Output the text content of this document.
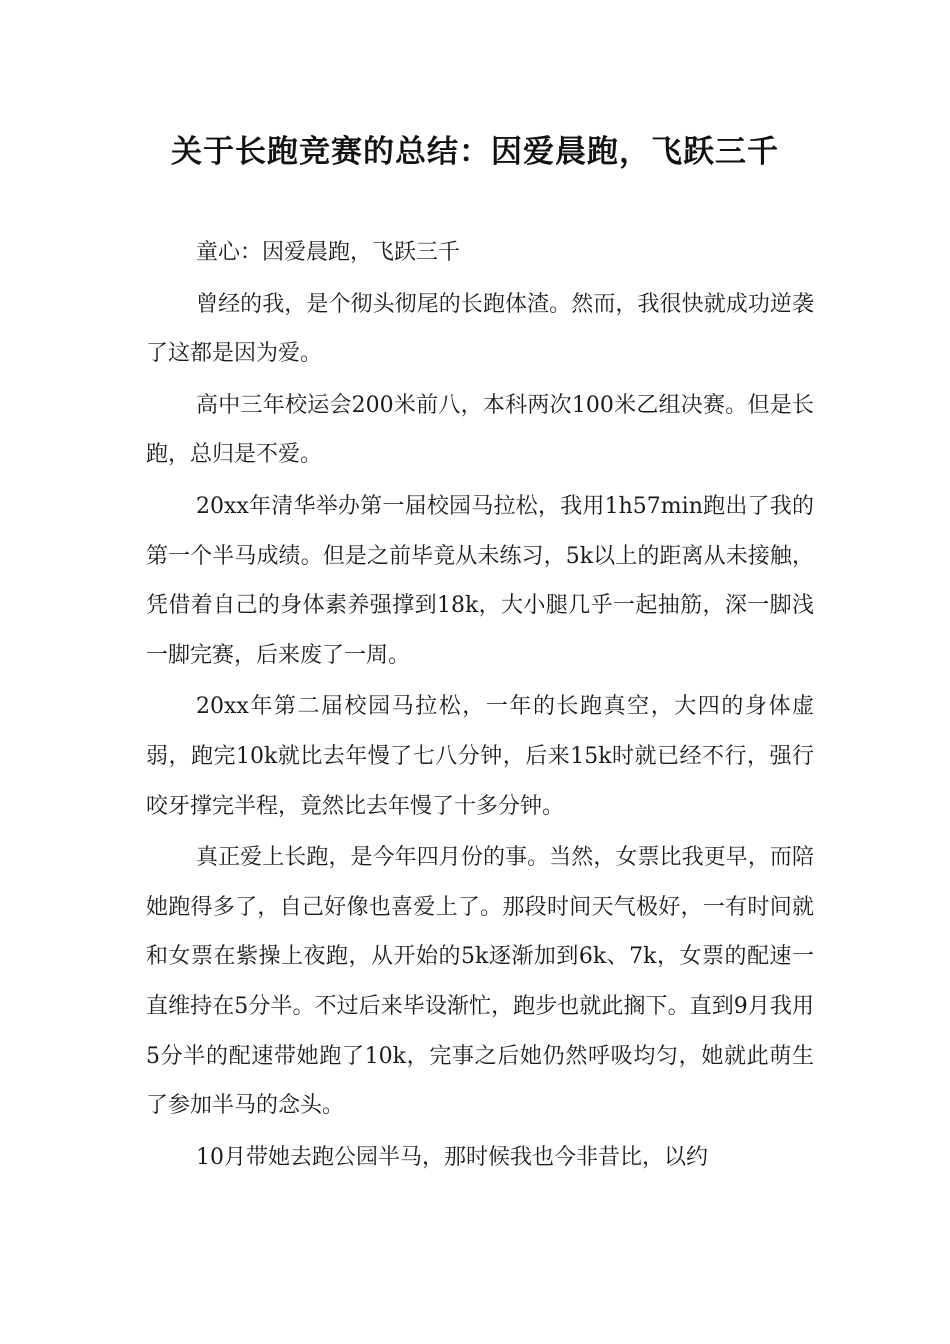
关于长跑竞赛的总结：因爱晨跑，飞跃三千

童心：因爱晨跑，飞跃三千

曾经的我，是个彻头彻尾的长跑体渣。然而，我很快就成功逆袭了这都是因为爱。

高中三年校运会200米前八，本科两次100米乙组决赛。但是长跑，总归是不爱。

20xx年清华举办第一届校园马拉松，我用1h57min跑出了我的第一个半马成绩。但是之前毕竟从未练习，5k以上的距离从未接触，凭借着自己的身体素养强撑到18k，大小腿几乎一起抽筋，深一脚浅一脚完赛，后来废了一周。

20xx年第二届校园马拉松，一年的长跑真空，大四的身体虚弱，跑完10k就比去年慢了七八分钟，后来15k时就已经不行，强行咬牙撑完半程，竟然比去年慢了十多分钟。

真正爱上长跑，是今年四月份的事。当然，女票比我更早，而陪她跑得多了，自己好像也喜爱上了。那段时间天气极好，一有时间就和女票在紫操上夜跑，从开始的5k逐渐加到6k、7k，女票的配速一直维持在5分半。不过后来毕设渐忙，跑步也就此搁下。直到9月我用5分半的配速带她跑了10k，完事之后她仍然呼吸均匀，她就此萌生了参加半马的念头。

10月带她去跑公园半马，那时候我也今非昔比，以约
